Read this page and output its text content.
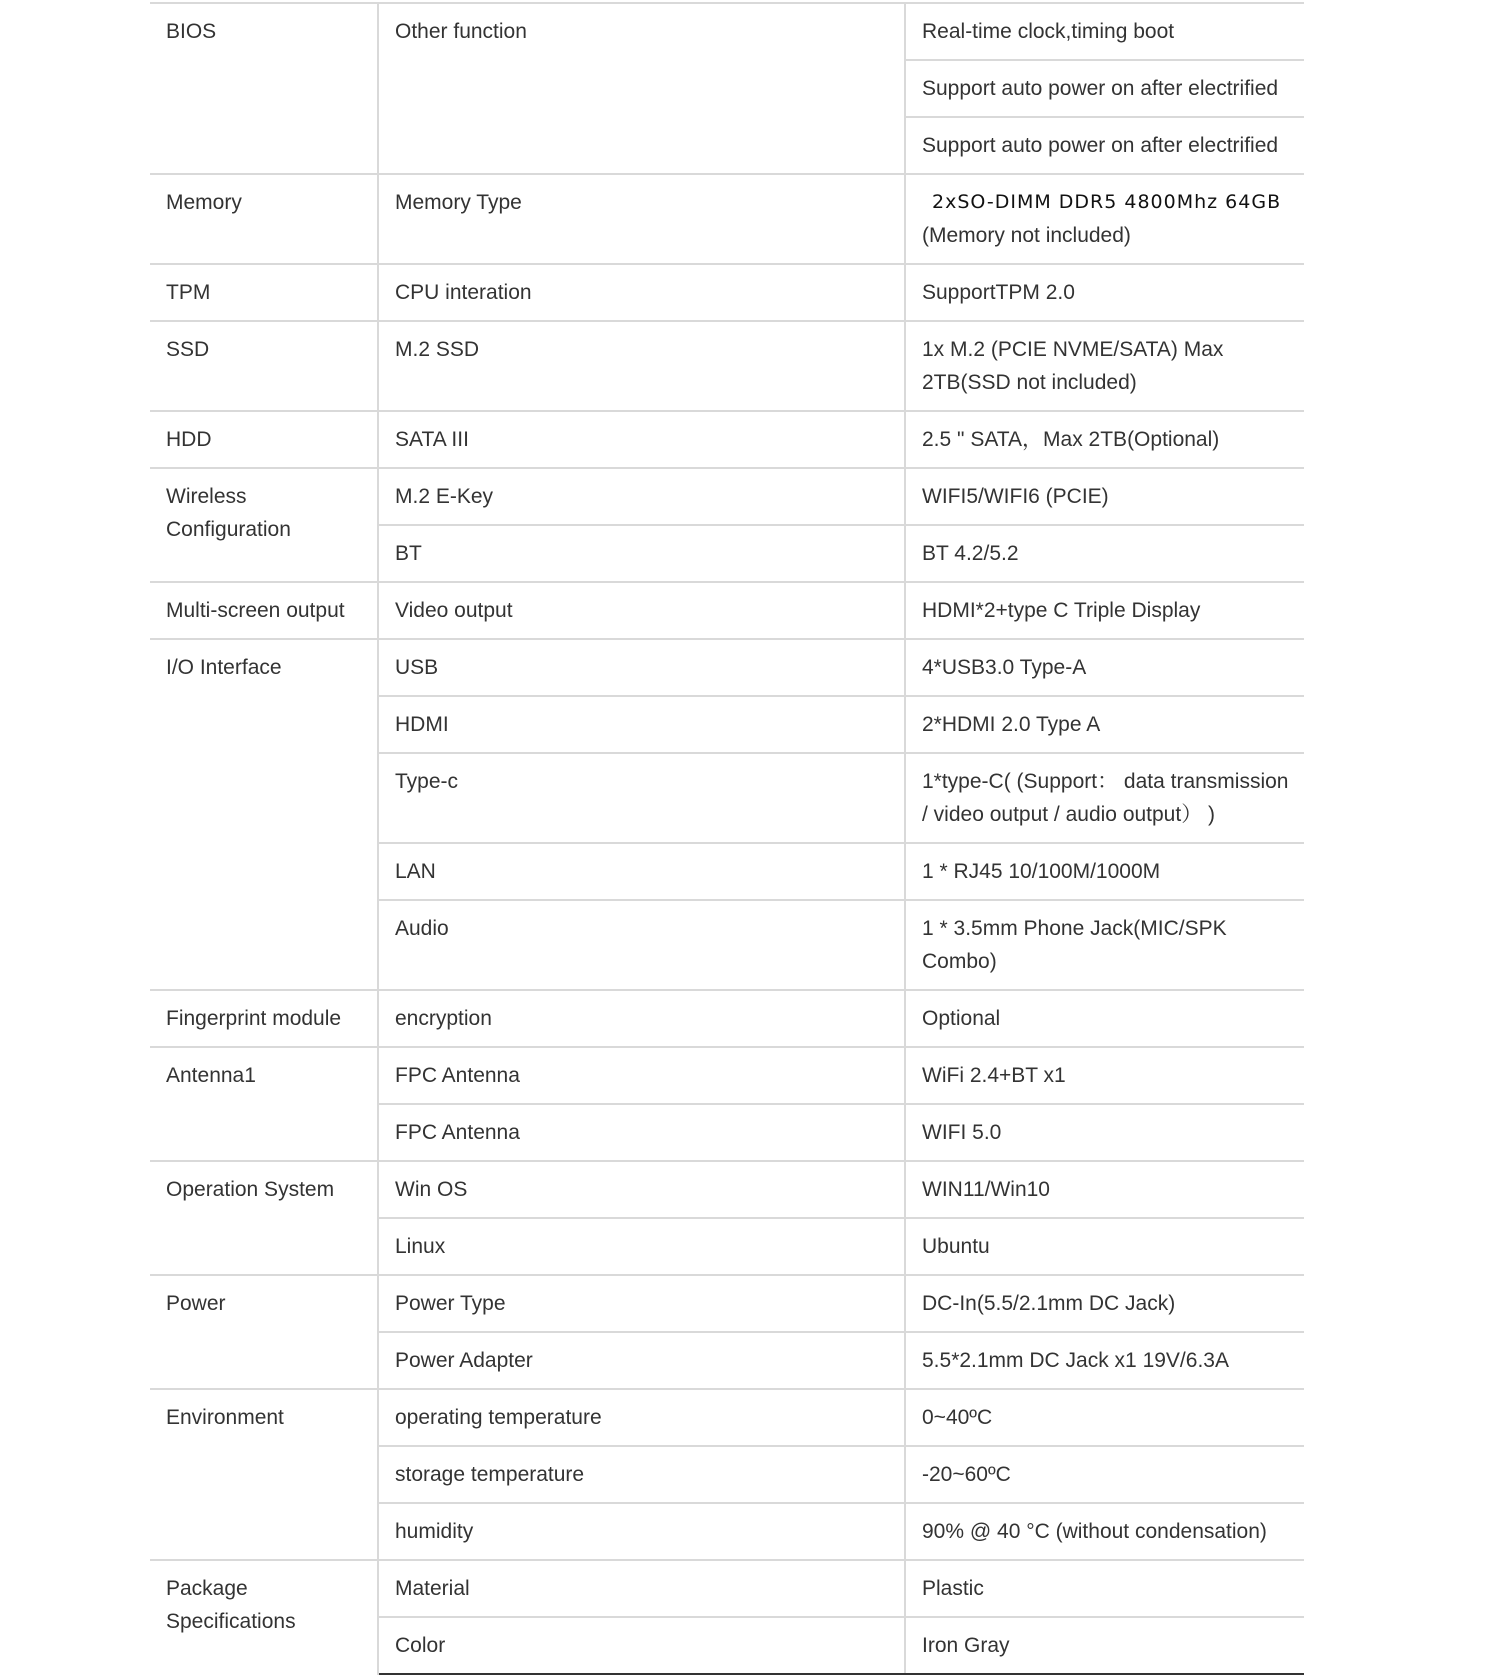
BIOS	Other function	Real-time clock,timing boot
		Support auto power on after electrified
		Support auto power on after electrified
Memory	Memory Type	2xSO-DIMM DDR5 4800Mhz 64GB
(Memory not included)

TPM	CPU interation	SupportTPM 2.0
SSD	M.2 SSD	1x M.2 (PCIE NVME/SATA) Max 2TB(SSD not included)
HDD	SATA III	2.5 " SATA，Max 2TB(Optional)
Wireless Configuration	M.2 E-Key	WIFI5/WIFI6 (PCIE)
	BT	BT 4.2/5.2
Multi-screen output	Video output	HDMI*2+type C Triple Display
I/O Interface	USB	4*USB3.0 Type-A
	HDMI	2*HDMI 2.0 Type A
	Type-c	1*type-C( (Support： data transmission / video output / audio output） )
	LAN	1 * RJ45 10/100M/1000M
	Audio	1 * 3.5mm Phone Jack(MIC/SPK Combo)
Fingerprint module	encryption	Optional
Antenna1	FPC Antenna	WiFi 2.4+BT x1
	FPC Antenna	WIFI 5.0
Operation System	Win OS	WIN11/Win10
	Linux	Ubuntu
Power	Power Type	DC-In(5.5/2.1mm DC Jack)
	Power Adapter	5.5*2.1mm DC Jack x1 19V/6.3A
Environment	operating temperature	0~40ºC
	storage temperature	-20~60ºC
	humidity	90% @ 40 °C (without condensation)
Package Specifications	Material	Plastic
	Color	Iron Gray
